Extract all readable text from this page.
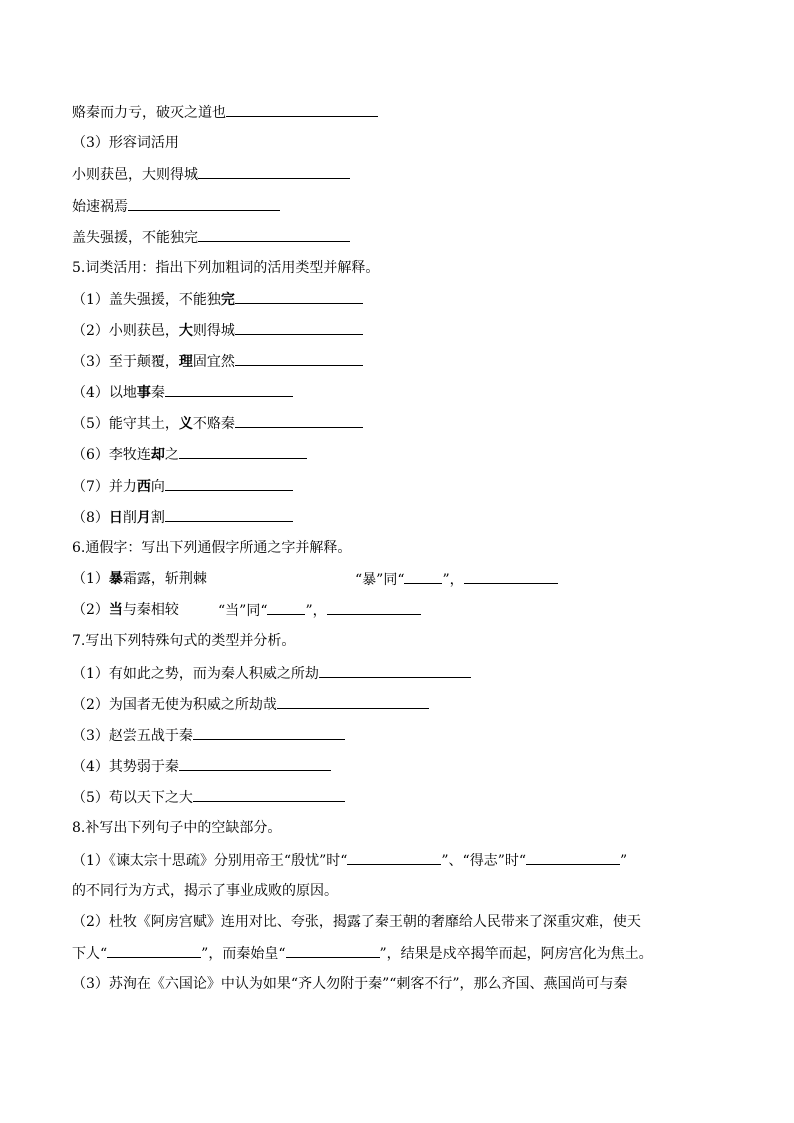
赂秦而力亏，破灭之道也
（3）形容词活用
小则获邑，大则得城
始速祸焉
盖失强援，不能独完
5.词类活用：指出下列加粗词的活用类型并解释。
（1）盖失强援，不能独完
（2）小则获邑，大则得城
（3）至于颠覆，理固宜然
（4）以地事秦
（5）能守其土，义不赂秦
（6）李牧连却之
（7）并力西向
（8）日削月割
6.通假字：写出下列通假字所通之字并解释。
（1）暴霜露，斩荆棘	“暴”同“	”，
（2）当与秦相较	“当”同“	”，
7.写出下列特殊句式的类型并分析。
（1）有如此之势，而为秦人积威之所劫
（2）为国者无使为积威之所劫哉
（3）赵尝五战于秦
（4）其势弱于秦
（5）苟以天下之大
8.补写出下列句子中的空缺部分。
（1）《谏太宗十思疏》分别用帝王“殷忧”时“	”、“得志”时“	”
的不同行为方式，揭示了事业成败的原因。
（2）杜牧《阿房宫赋》连用对比、夸张，揭露了秦王朝的奢靡给人民带来了深重灾难，使天
下人“	”，而秦始皇“	”，结果是戍卒揭竿而起，阿房宫化为焦土。
（3）苏洵在《六国论》中认为如果“齐人勿附于秦”“刺客不行”，那么齐国、燕国尚可与秦
